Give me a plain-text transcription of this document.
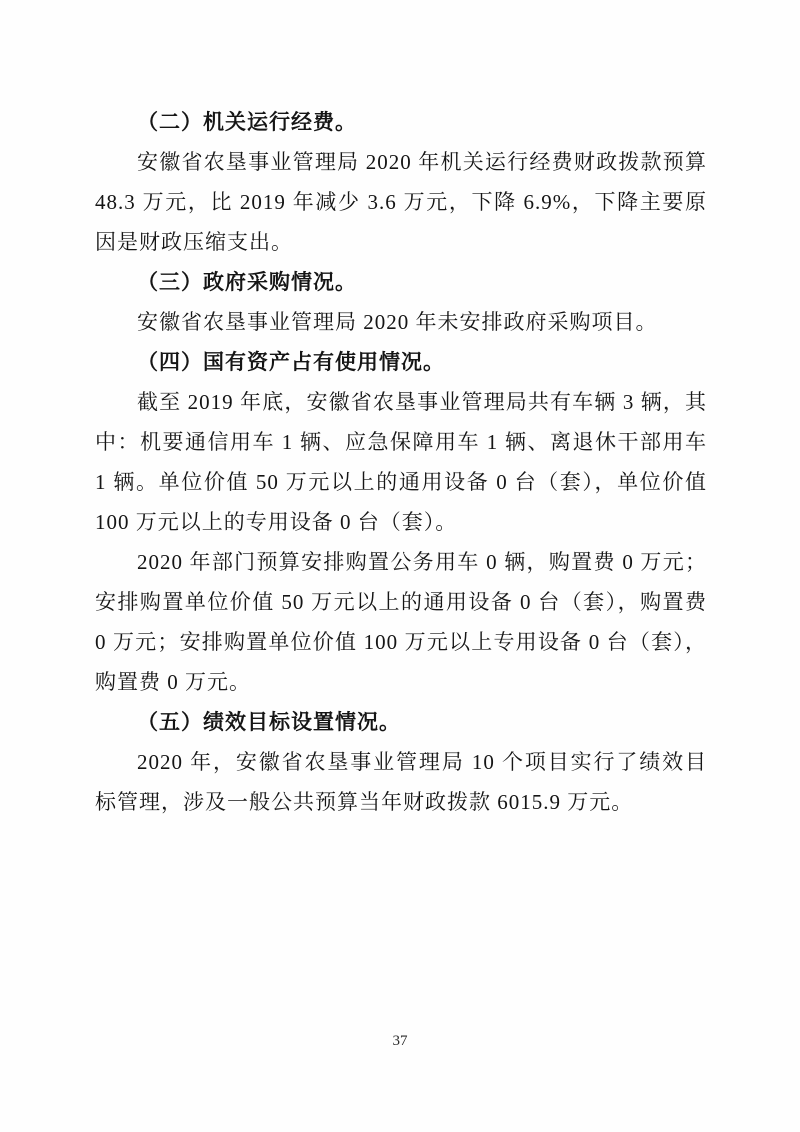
（二）机关运行经费。

安徽省农垦事业管理局 2020 年机关运行经费财政拨款预算 48.3 万元，比 2019 年减少 3.6 万元，下降 6.9%，下降主要原因是财政压缩支出。

（三）政府采购情况。

安徽省农垦事业管理局 2020 年未安排政府采购项目。

（四）国有资产占有使用情况。

截至 2019 年底，安徽省农垦事业管理局共有车辆 3 辆，其中：机要通信用车 1 辆、应急保障用车 1 辆、离退休干部用车 1 辆。单位价值 50 万元以上的通用设备 0 台（套），单位价值 100 万元以上的专用设备 0 台（套）。

2020 年部门预算安排购置公务用车 0 辆，购置费 0 万元；安排购置单位价值 50 万元以上的通用设备 0 台（套），购置费 0 万元；安排购置单位价值 100 万元以上专用设备 0 台（套），购置费 0 万元。

（五）绩效目标设置情况。

2020 年，安徽省农垦事业管理局 10 个项目实行了绩效目标管理，涉及一般公共预算当年财政拨款 6015.9 万元。

37
